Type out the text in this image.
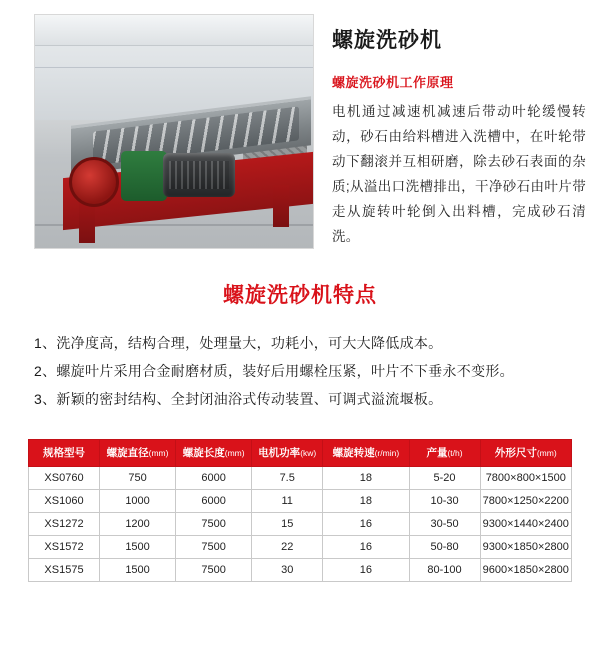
螺旋洗砂机
螺旋洗砂机工作原理
电机通过减速机减速后带动叶轮缓慢转动，砂石由给料槽进入洗槽中，在叶轮带动下翻滚并互相研磨，除去砂石表面的杂质;从溢出口洗槽排出，干净砂石由叶片带走从旋转叶轮倒入出料槽，完成砂石清洗。
螺旋洗砂机特点
1、洗净度高，结构合理，处理量大，功耗小，可大大降低成本。
2、螺旋叶片采用合金耐磨材质，装好后用螺栓压紧，叶片不下垂永不变形。
3、新颖的密封结构、全封闭油浴式传动装置、可调式溢流堰板。
规格型号	螺旋直径(mm)	螺旋长度(mm)	电机功率(kw)	螺旋转速(r/min)	产量(t/h)	外形尺寸(mm)
XS0760	750	6000	7.5	18	5-20	7800×800×1500
XS1060	1000	6000	11	18	10-30	7800×1250×2200
XS1272	1200	7500	15	16	30-50	9300×1440×2400
XS1572	1500	7500	22	16	50-80	9300×1850×2800
XS1575	1500	7500	30	16	80-100	9600×1850×2800
